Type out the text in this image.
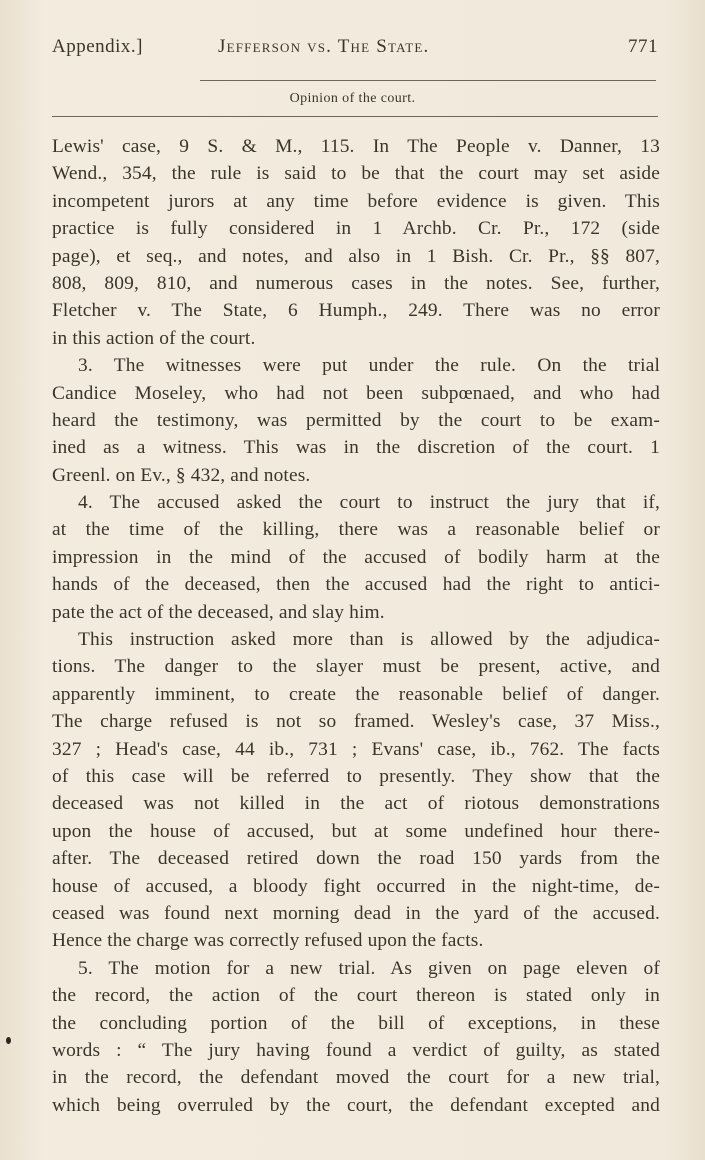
Appendix.]	Jefferson vs. The State.	771
Opinion of the court.
Lewis' case, 9 S. & M., 115. In The People v. Danner, 13
Wend., 354, the rule is said to be that the court may set aside
incompetent jurors at any time before evidence is given. This
practice is fully considered in 1 Archb. Cr. Pr., 172 (side
page), et seq., and notes, and also in 1 Bish. Cr. Pr., §§ 807,
808, 809, 810, and numerous cases in the notes. See, further,
Fletcher v. The State, 6 Humph., 249. There was no error
in this action of the court.
3. The witnesses were put under the rule. On the trial
Candice Moseley, who had not been subpœnaed, and who had
heard the testimony, was permitted by the court to be exam-
ined as a witness. This was in the discretion of the court. 1
Greenl. on Ev., § 432, and notes.
4. The accused asked the court to instruct the jury that if,
at the time of the killing, there was a reasonable belief or
impression in the mind of the accused of bodily harm at the
hands of the deceased, then the accused had the right to antici-
pate the act of the deceased, and slay him.
This instruction asked more than is allowed by the adjudica-
tions. The danger to the slayer must be present, active, and
apparently imminent, to create the reasonable belief of danger.
The charge refused is not so framed. Wesley's case, 37 Miss.,
327 ; Head's case, 44 ib., 731 ; Evans' case, ib., 762. The facts
of this case will be referred to presently. They show that the
deceased was not killed in the act of riotous demonstrations
upon the house of accused, but at some undefined hour there-
after. The deceased retired down the road 150 yards from the
house of accused, a bloody fight occurred in the night-time, de-
ceased was found next morning dead in the yard of the accused.
Hence the charge was correctly refused upon the facts.
5. The motion for a new trial. As given on page eleven of
the record, the action of the court thereon is stated only in
the concluding portion of the bill of exceptions, in these
words : “ The jury having found a verdict of guilty, as stated
in the record, the defendant moved the court for a new trial,
which being overruled by the court, the defendant excepted and
